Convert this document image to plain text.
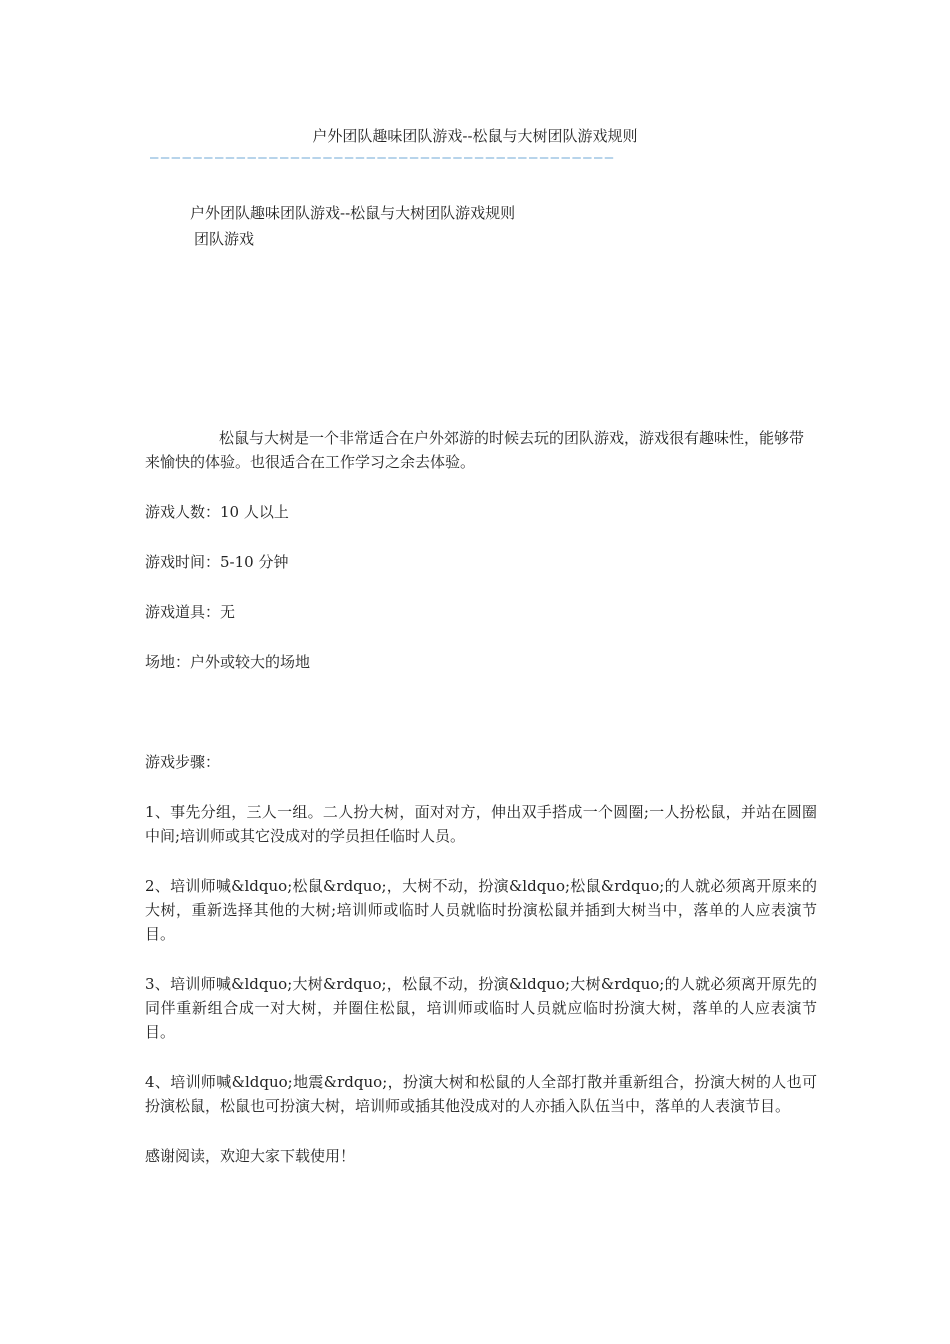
户外团队趣味团队游戏--松鼠与大树团队游戏规则
———————————————————————————————————————————
户外团队趣味团队游戏--松鼠与大树团队游戏规则
团队游戏

松鼠与大树是一个非常适合在户外郊游的时候去玩的团队游戏，游戏很有趣味性，能够带来愉快的体验。也很适合在工作学习之余去体验。

游戏人数：10 人以上

游戏时间：5-10 分钟

游戏道具：无

场地：户外或较大的场地

游戏步骤：

1、事先分组，三人一组。二人扮大树，面对对方，伸出双手搭成一个圆圈;一人扮松鼠，并站在圆圈中间;培训师或其它没成对的学员担任临时人员。

2、培训师喊&ldquo;松鼠&rdquo;，大树不动，扮演&ldquo;松鼠&rdquo;的人就必须离开原来的大树，重新选择其他的大树;培训师或临时人员就临时扮演松鼠并插到大树当中，落单的人应表演节目。

3、培训师喊&ldquo;大树&rdquo;，松鼠不动，扮演&ldquo;大树&rdquo;的人就必须离开原先的同伴重新组合成一对大树，并圈住松鼠，培训师或临时人员就应临时扮演大树，落单的人应表演节目。

4、培训师喊&ldquo;地震&rdquo;，扮演大树和松鼠的人全部打散并重新组合，扮演大树的人也可扮演松鼠，松鼠也可扮演大树，培训师或插其他没成对的人亦插入队伍当中，落单的人表演节目。

感谢阅读，欢迎大家下载使用！
